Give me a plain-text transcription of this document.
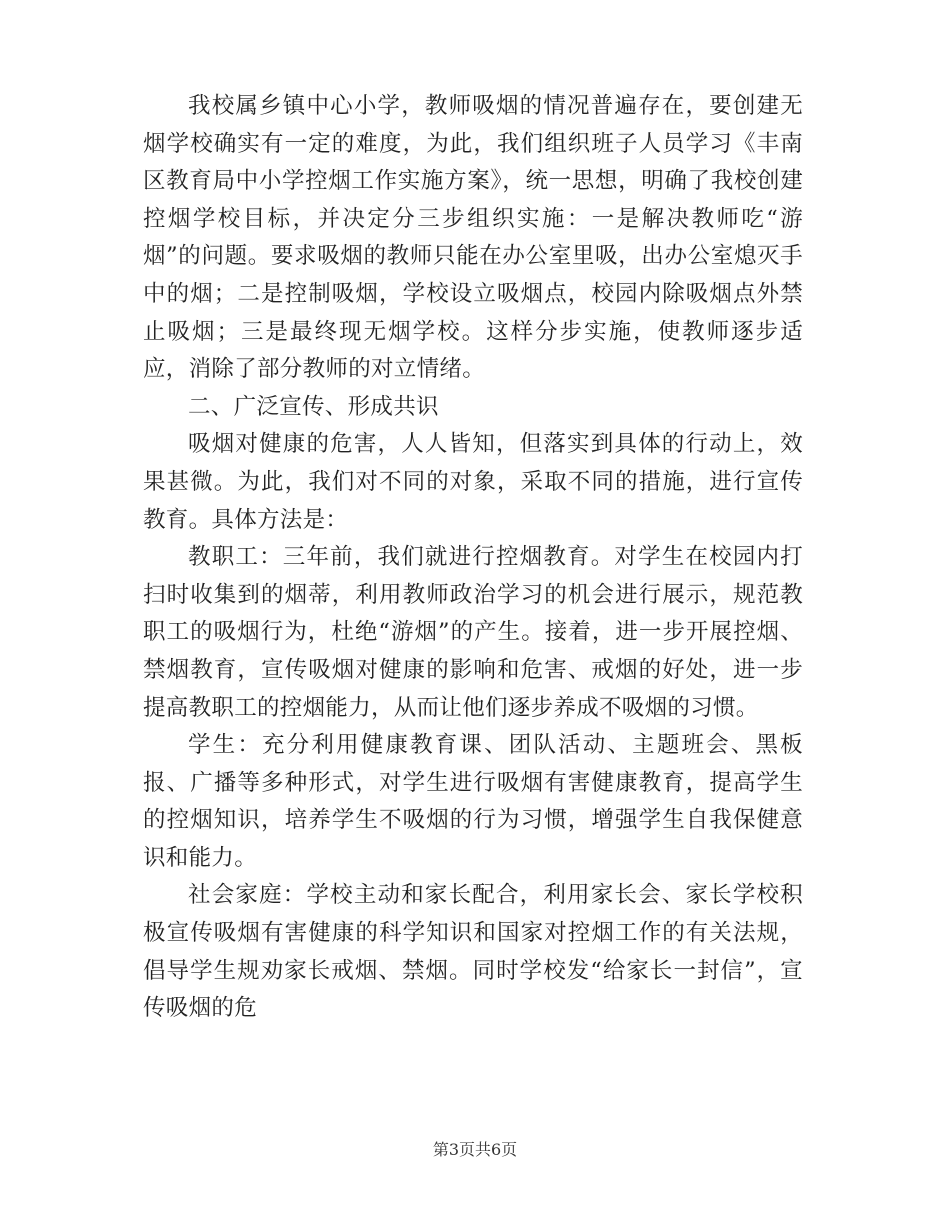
我校属乡镇中心小学，教师吸烟的情况普遍存在，要创建无烟学校确实有一定的难度，为此，我们组织班子人员学习《丰南区教育局中小学控烟工作实施方案》，统一思想，明确了我校创建控烟学校目标，并决定分三步组织实施：一是解决教师吃“游烟”的问题。要求吸烟的教师只能在办公室里吸，出办公室熄灭手中的烟；二是控制吸烟，学校设立吸烟点，校园内除吸烟点外禁止吸烟；三是最终现无烟学校。这样分步实施，使教师逐步适应，消除了部分教师的对立情绪。

二、广泛宣传、形成共识

吸烟对健康的危害，人人皆知，但落实到具体的行动上，效果甚微。为此，我们对不同的对象，采取不同的措施，进行宣传教育。具体方法是：

教职工：三年前，我们就进行控烟教育。对学生在校园内打扫时收集到的烟蒂，利用教师政治学习的机会进行展示，规范教职工的吸烟行为，杜绝“游烟”的产生。接着，进一步开展控烟、禁烟教育，宣传吸烟对健康的影响和危害、戒烟的好处，进一步提高教职工的控烟能力，从而让他们逐步养成不吸烟的习惯。

学生：充分利用健康教育课、团队活动、主题班会、黑板报、广播等多种形式，对学生进行吸烟有害健康教育，提高学生的控烟知识，培养学生不吸烟的行为习惯，增强学生自我保健意识和能力。

社会家庭：学校主动和家长配合，利用家长会、家长学校积极宣传吸烟有害健康的科学知识和国家对控烟工作的有关法规，倡导学生规劝家长戒烟、禁烟。同时学校发“给家长一封信”，宣传吸烟的危

第3页共6页
